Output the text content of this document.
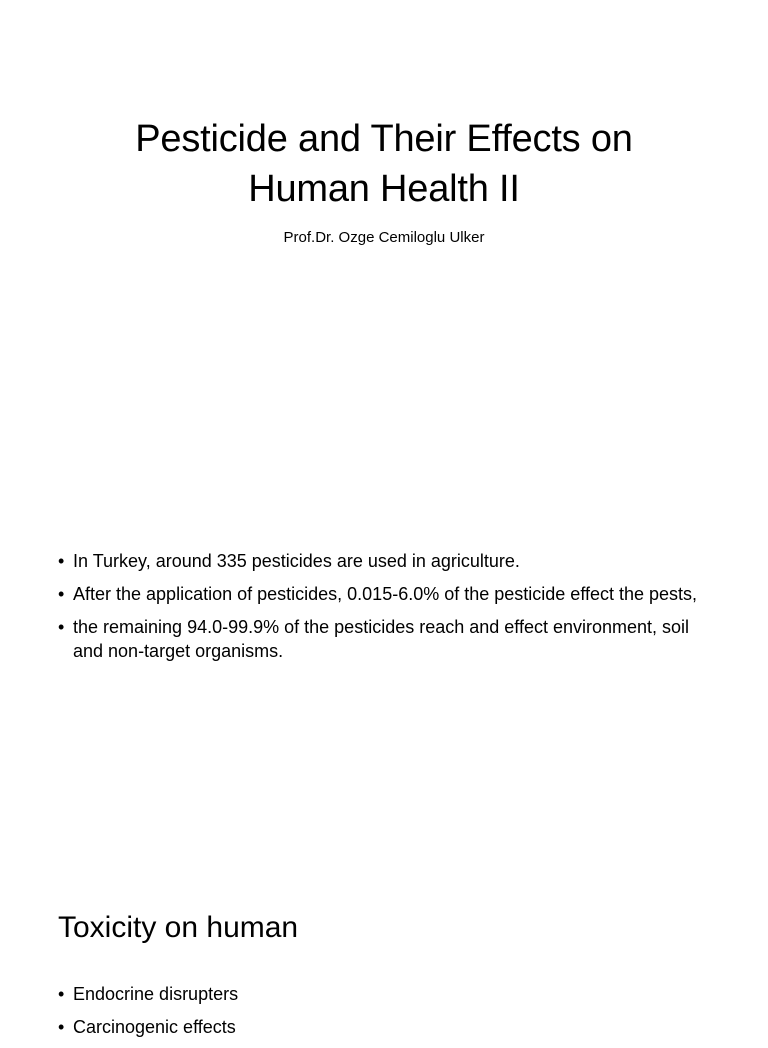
Pesticide and Their Effects on
Human Health II

Prof.Dr. Ozge Cemiloglu Ulker

• In Turkey, around 335 pesticides are used in agriculture.
• After the application of pesticides, 0.015-6.0% of the pesticide effect the pests,
• the remaining 94.0-99.9% of the pesticides reach and effect environment, soil and non-target organisms.
Toxicity on human
• Endocrine disrupters
• Carcinogenic effects
